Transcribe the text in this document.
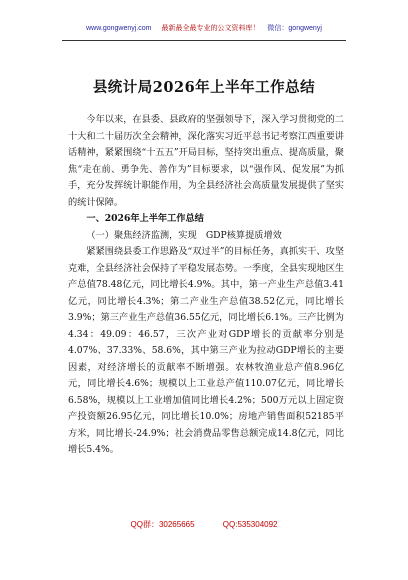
www.gongwenyj.com 最新最全最专业的公文资料库！ 微信：gongwenyj
县统计局2026年上半年工作总结

今年以来，在县委、县政府的坚强领导下，深入学习贯彻党的二十大和二十届历次全会精神，深化落实习近平总书记考察江西重要讲话精神，紧紧围绕“十五五”开局目标，坚持突出重点、提高质量，聚焦“走在前、勇争先、善作为”目标要求，以“强作风、促发展”为抓手，充分发挥统计职能作用，为全县经济社会高质量发展提供了坚实的统计保障。

一、2026年上半年工作总结

（一）聚焦经济监测，实现　GDP核算提质增效

紧紧围绕县委工作思路及“双过半”的目标任务，真抓实干、攻坚克难，全县经济社会保持了平稳发展态势。一季度，全县实现地区生产总值78.48亿元，同比增长4.9%。其中，第一产业生产总值3.41亿元，同比增长4.3%；第二产业生产总值38.52亿元，同比增长3.9%；第三产业生产总值36.55亿元，同比增长6.1%。三产比例为4.34：49.09：46.57，三次产业对GDP增长的贡献率分别是4.07%、37.33%、58.6%，其中第三产业为拉动GDP增长的主要因素，对经济增长的贡献率不断增强。农林牧渔业总产值8.96亿元，同比增长4.6%；规模以上工业总产值110.07亿元，同比增长6.58%，规模以上工业增加值同比增长4.2%；500万元以上固定资产投资额26.95亿元，同比增长10.0%；房地产销售面积52185平方米，同比增长-24.9%；社会消费品零售总额完成14.8亿元，同比增长5.4%。

QQ群：30265665	QQ:535304092
